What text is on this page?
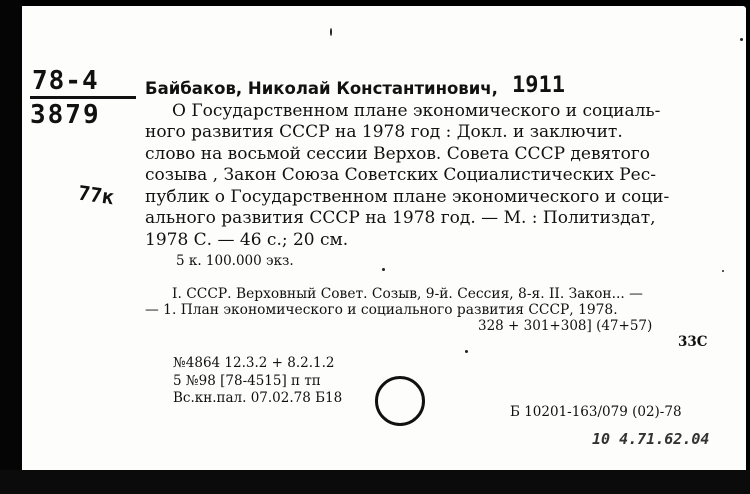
78-4
3879
77к
Байбаков, Николай Константинович, 1911
О Государственном плане экономического и социаль-
ного развития СССР на 1978 год : Докл. и заключит.
слово на восьмой сессии Верхов. Совета СССР девятого
созыва , Закон Союза Советских Социалистических Рес-
публик о Государственном плане экономического и соци-
ального развития СССР на 1978 год. — М. : Политиздат,
1978 С. — 46 с.; 20 см.
5 к. 100.000 экз.
I. СССР. Верховный Совет. Созыв, 9-й. Сессия, 8-я. II. Закон... —
— 1. План экономического и социального развития СССР, 1978.
328 + 301+308] (47+57)
33С
№4864 12.3.2 + 8.2.1.2
5 №98 [78-4515] п тп
Вс.кн.пал. 07.02.78 Б18
Б 10201-163/079 (02)-78
10 4.71.62.04
